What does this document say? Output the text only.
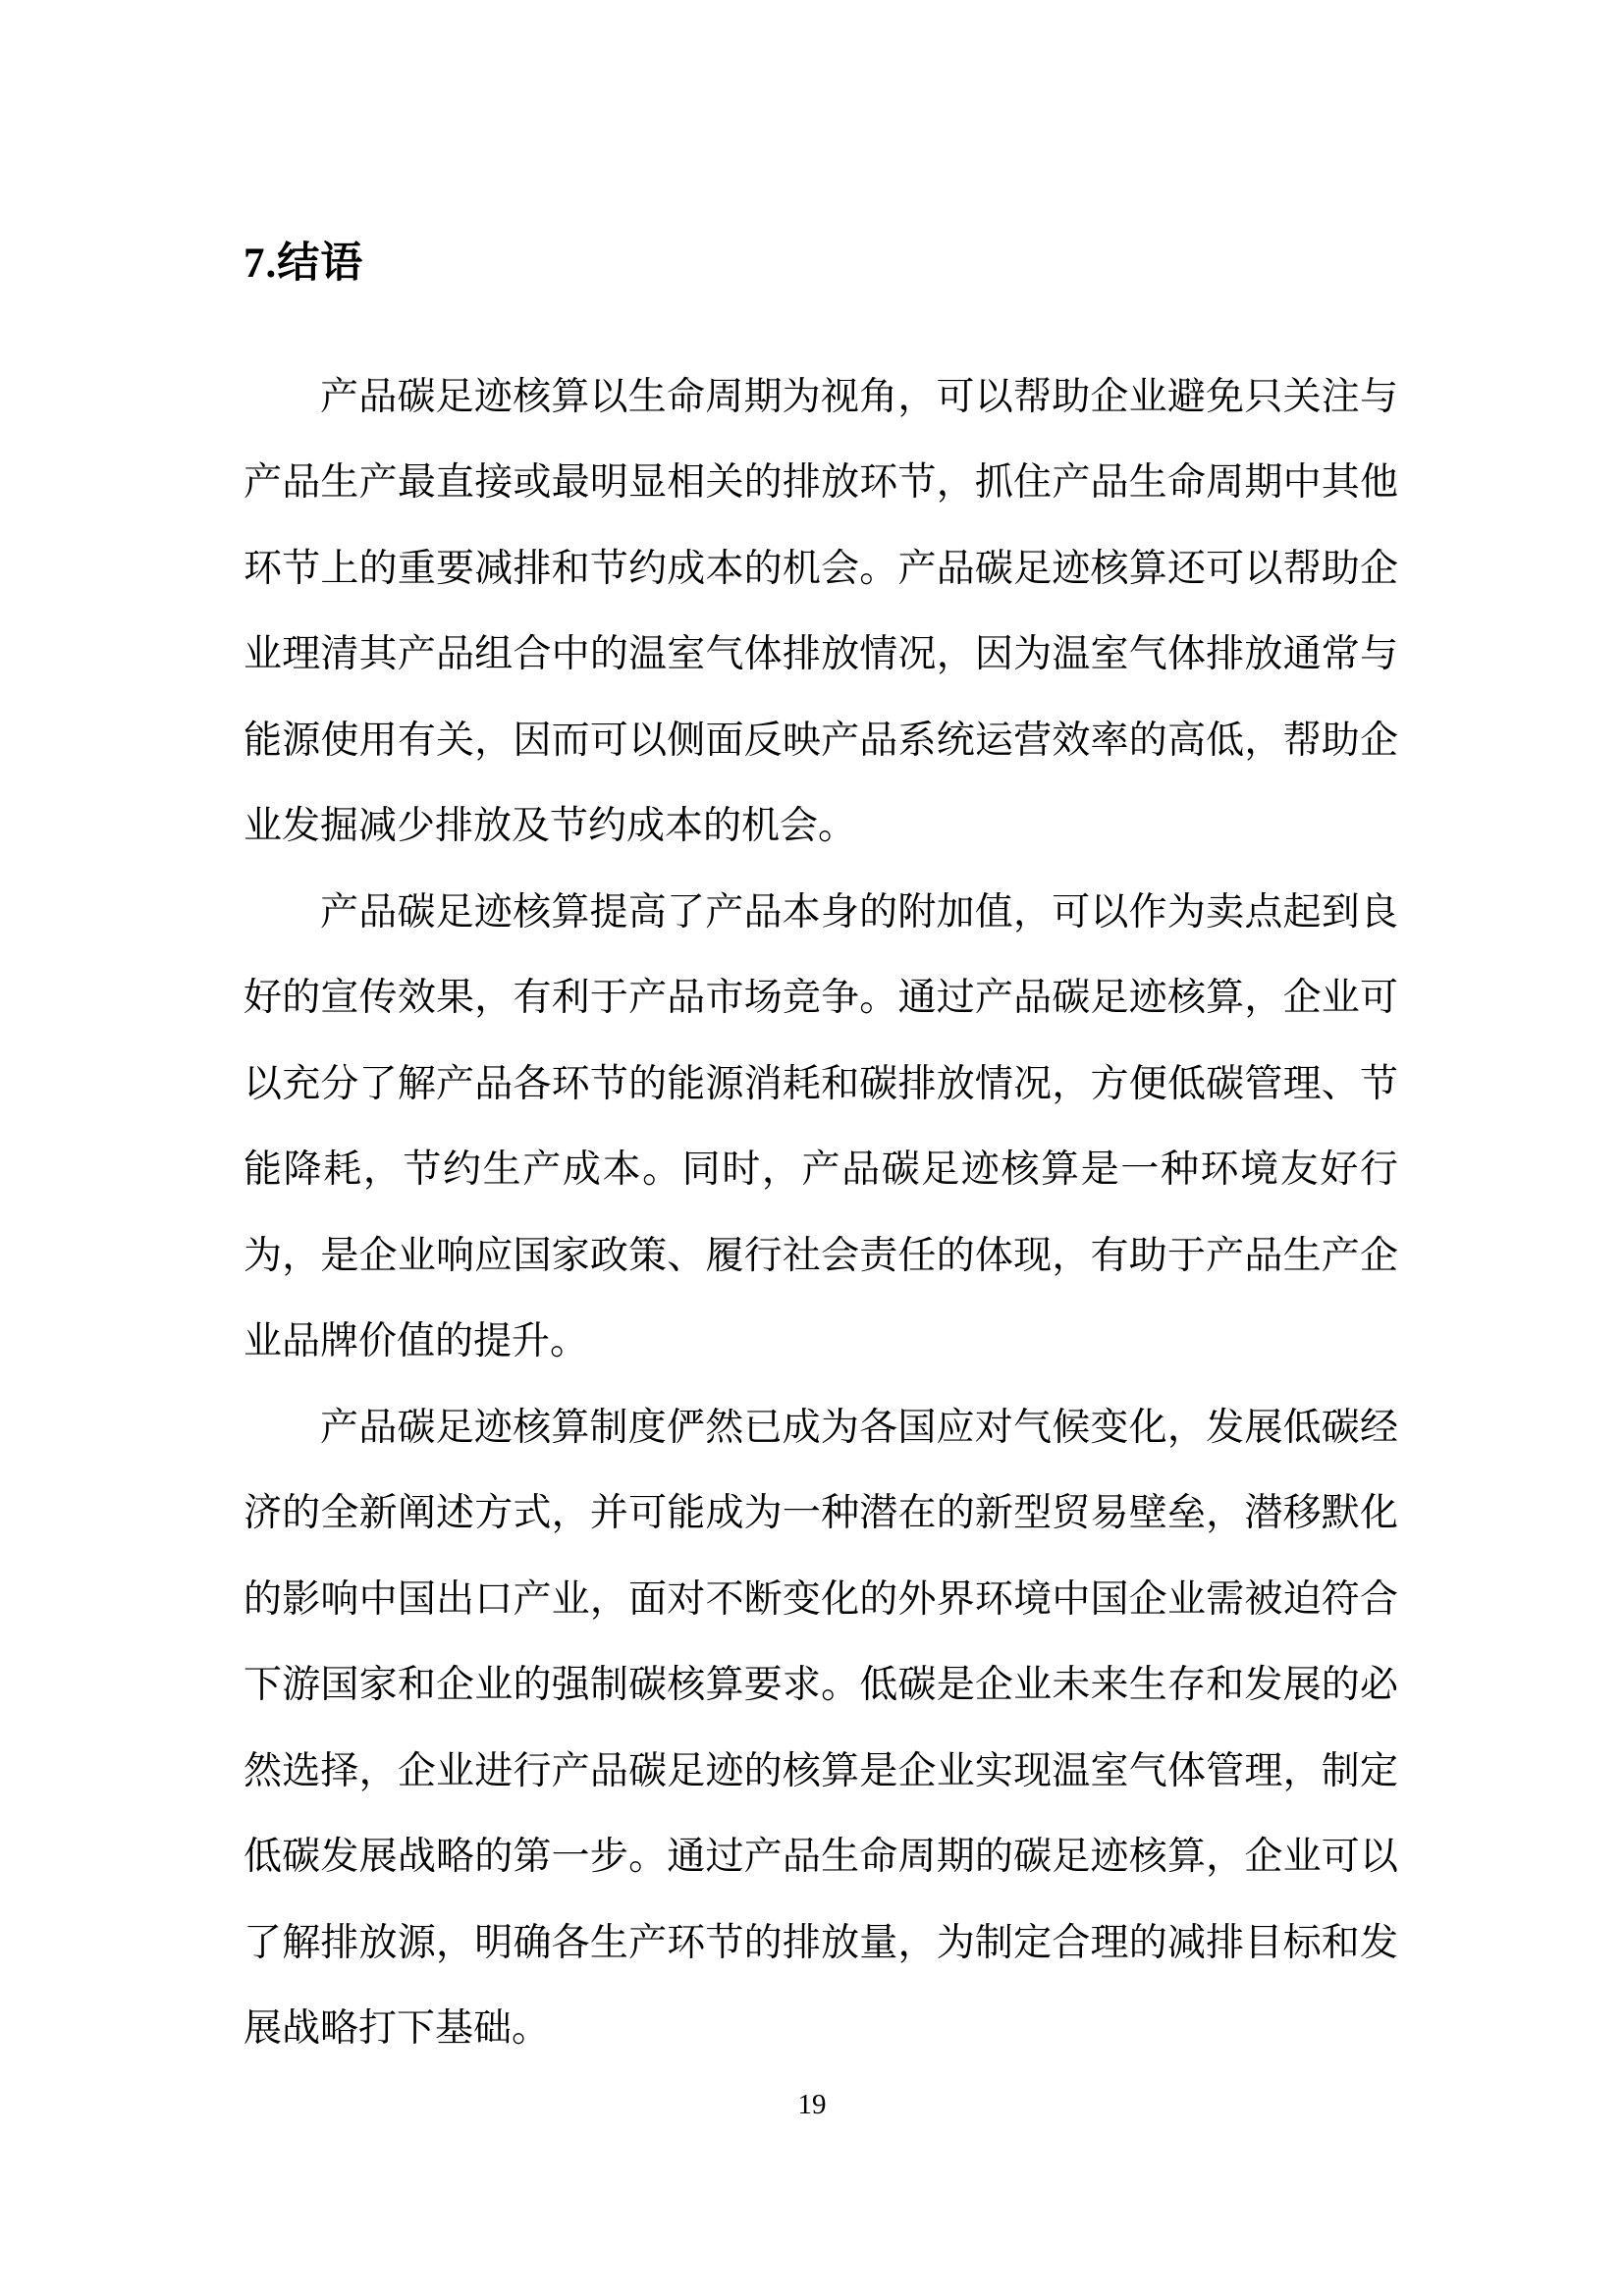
7.结语

产品碳足迹核算以生命周期为视角，可以帮助企业避免只关注与产品生产最直接或最明显相关的排放环节，抓住产品生命周期中其他环节上的重要减排和节约成本的机会。产品碳足迹核算还可以帮助企业理清其产品组合中的温室气体排放情况，因为温室气体排放通常与能源使用有关，因而可以侧面反映产品系统运营效率的高低，帮助企业发掘减少排放及节约成本的机会。

产品碳足迹核算提高了产品本身的附加值，可以作为卖点起到良好的宣传效果，有利于产品市场竞争。通过产品碳足迹核算，企业可以充分了解产品各环节的能源消耗和碳排放情况，方便低碳管理、节能降耗，节约生产成本。同时，产品碳足迹核算是一种环境友好行为，是企业响应国家政策、履行社会责任的体现，有助于产品生产企业品牌价值的提升。

产品碳足迹核算制度俨然已成为各国应对气候变化，发展低碳经济的全新阐述方式，并可能成为一种潜在的新型贸易壁垒，潜移默化的影响中国出口产业，面对不断变化的外界环境中国企业需被迫符合下游国家和企业的强制碳核算要求。低碳是企业未来生存和发展的必然选择，企业进行产品碳足迹的核算是企业实现温室气体管理，制定低碳发展战略的第一步。通过产品生命周期的碳足迹核算，企业可以了解排放源，明确各生产环节的排放量，为制定合理的减排目标和发展战略打下基础。

19
